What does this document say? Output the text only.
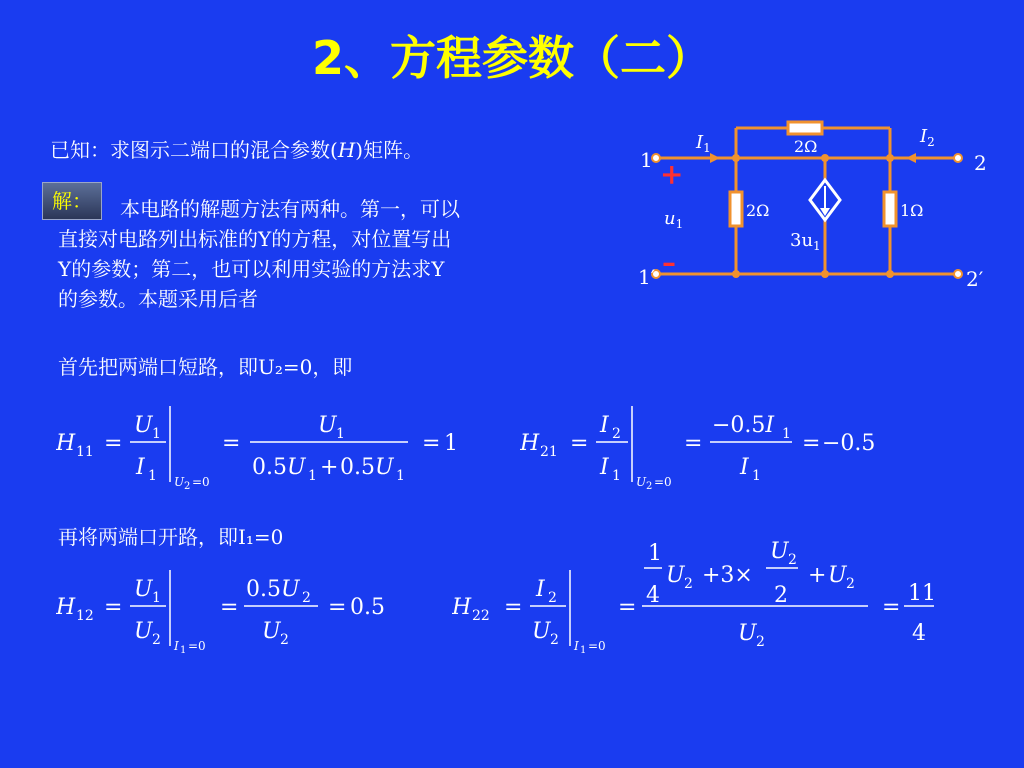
2、方程参数（二）
已知：求图示二端口的混合参数(H)矩阵。
解：	本电路的解题方法有两种。第一，可以
直接对电路列出标准的Y的方程，对位置写出
Y的参数；第二，也可以利用实验的方法求Y
的参数。本题采用后者
首先把两端口短路，即U₂=0，即
再将两端口开路，即I₁=0
1
1′
2
2′
+
–
$u_1$
$I_1$
$I_2$
2Ω
2Ω	1Ω
$3u_1$
H 11 =
U 1
I 1 U 2 =0
=
U 1
0.5U 1 + 0.5U 1
= 1	H 21 =
I 2
I 1 U 2 =0
=
−0.5I 1
I 1
= −0.5
H 12 =
U 1
U 2 I 1 =0
=
0.5U 2
U 2
= 0.5	H 22 =
I 2
U 2 I 1 =0
=
1
4
U 2 +3×
U 2
2
+ U 2
U 2
=
11
4
